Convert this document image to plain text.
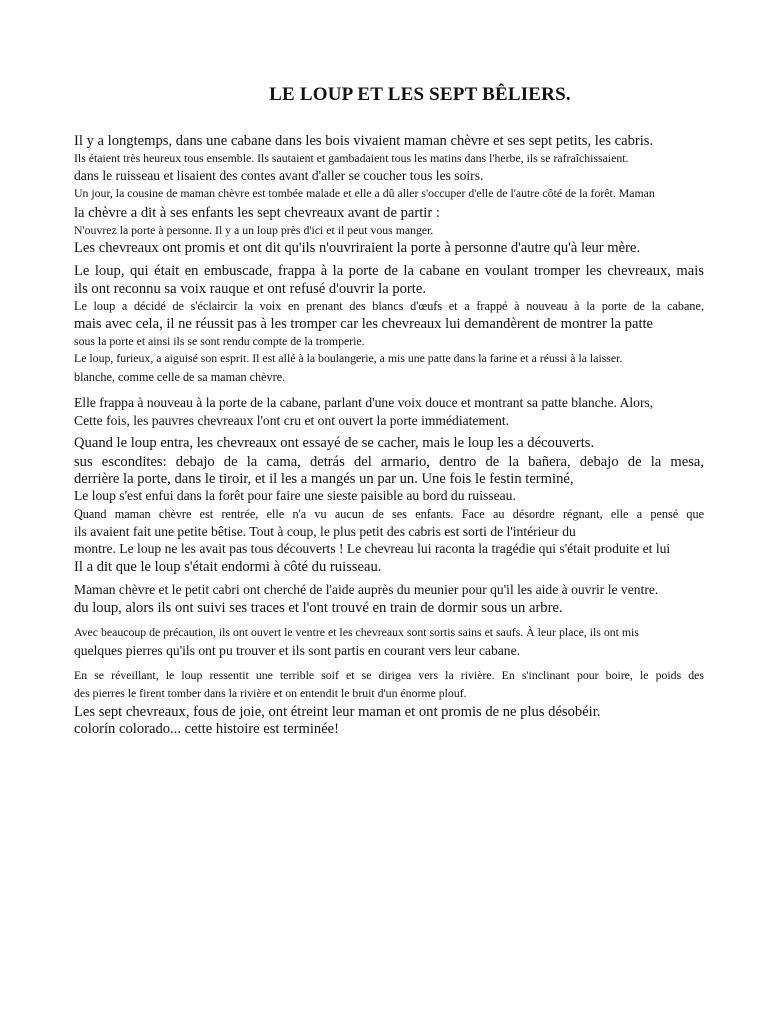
LE LOUP ET LES SEPT BÊLIERS.
Il y a longtemps, dans une cabane dans les bois vivaient maman chèvre et ses sept petits, les cabris.
Ils étaient très heureux tous ensemble. Ils sautaient et gambadaient tous les matins dans l'herbe, ils se rafraîchissaient.
dans le ruisseau et lisaient des contes avant d'aller se coucher tous les soirs.
Un jour, la cousine de maman chèvre est tombée malade et elle a dû aller s'occuper d'elle de l'autre côté de la forêt. Maman
la chèvre a dit à ses enfants les sept chevreaux avant de partir :
N'ouvrez la porte à personne. Il y a un loup près d'ici et il peut vous manger.
Les chevreaux ont promis et ont dit qu'ils n'ouvriraient la porte à personne d'autre qu'à leur mère.
Le loup, qui était en embuscade, frappa à la porte de la cabane en voulant tromper les chevreaux, mais
ils ont reconnu sa voix rauque et ont refusé d'ouvrir la porte.
Le loup a décidé de s'éclaircir la voix en prenant des blancs d'œufs et a frappé à nouveau à la porte de la cabane,
mais avec cela, il ne réussit pas à les tromper car les chevreaux lui demandèrent de montrer la patte
sous la porte et ainsi ils se sont rendu compte de la tromperie.
Le loup, furieux, a aiguisé son esprit. Il est allé à la boulangerie, a mis une patte dans la farine et a réussi à la laisser.
blanche, comme celle de sa maman chèvre.
Elle frappa à nouveau à la porte de la cabane, parlant d'une voix douce et montrant sa patte blanche. Alors,
Cette fois, les pauvres chevreaux l'ont cru et ont ouvert la porte immédiatement.
Quand le loup entra, les chevreaux ont essayé de se cacher, mais le loup les a découverts.
sus escondites: debajo de la cama, detrás del armario, dentro de la bañera, debajo de la mesa,
derrière la porte, dans le tiroir, et il les a mangés un par un. Une fois le festin terminé,
Le loup s'est enfui dans la forêt pour faire une sieste paisible au bord du ruisseau.
Quand maman chèvre est rentrée, elle n'a vu aucun de ses enfants. Face au désordre régnant, elle a pensé que
ils avaient fait une petite bêtise. Tout à coup, le plus petit des cabris est sorti de l'intérieur du
montre. Le loup ne les avait pas tous découverts ! Le chevreau lui raconta la tragédie qui s'était produite et lui
Il a dit que le loup s'était endormi à côté du ruisseau.
Maman chèvre et le petit cabri ont cherché de l'aide auprès du meunier pour qu'il les aide à ouvrir le ventre.
du loup, alors ils ont suivi ses traces et l'ont trouvé en train de dormir sous un arbre.
Avec beaucoup de précaution, ils ont ouvert le ventre et les chevreaux sont sortis sains et saufs. À leur place, ils ont mis
quelques pierres qu'ils ont pu trouver et ils sont partis en courant vers leur cabane.
En se réveillant, le loup ressentit une terrible soif et se dirigea vers la rivière. En s'inclinant pour boire, le poids des
des pierres le firent tomber dans la rivière et on entendit le bruit d'un énorme plouf.
Les sept chevreaux, fous de joie, ont étreint leur maman et ont promis de ne plus désobéir.
colorín colorado... cette histoire est terminée!
